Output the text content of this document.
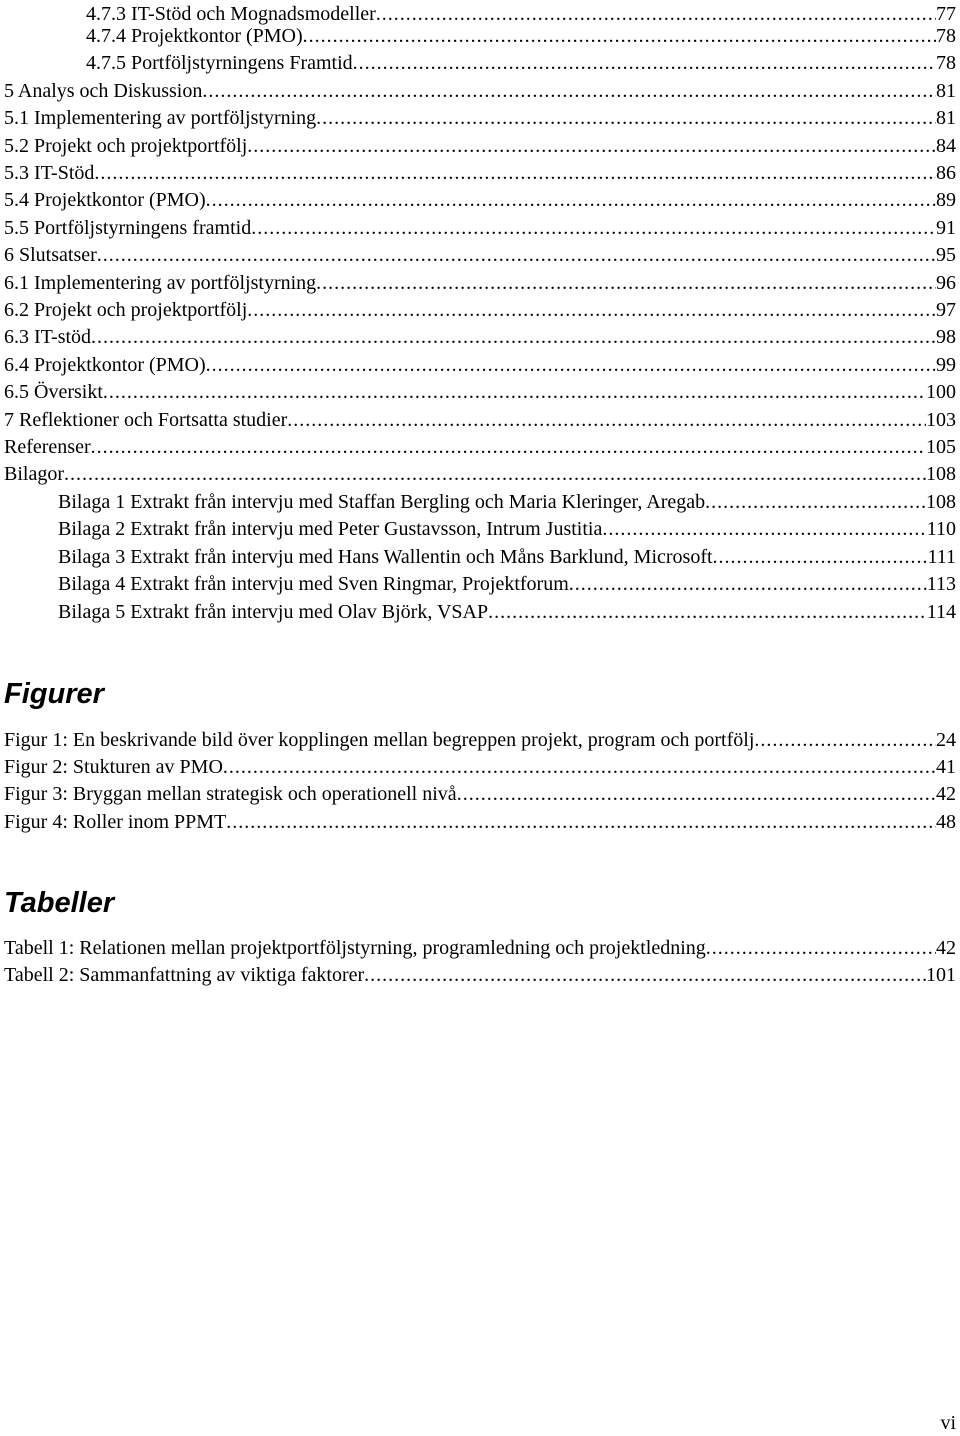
4.7.3 IT-Stöd och Mognadsmodeller .....	77
4.7.4 Projektkontor (PMO) .....	78
4.7.5 Portföljstyrningens Framtid .....	78
5 Analys och Diskussion .....	81
5.1 Implementering av portföljstyrning .....	81
5.2 Projekt och projektportfölj .....	84
5.3 IT-Stöd .....	86
5.4 Projektkontor (PMO) .....	89
5.5 Portföljstyrningens framtid .....	91
6 Slutsatser .....	95
6.1 Implementering av portföljstyrning .....	96
6.2 Projekt och projektportfölj .....	97
6.3 IT-stöd .....	98
6.4 Projektkontor (PMO) .....	99
6.5 Översikt .....	100
7 Reflektioner och Fortsatta studier .....	103
Referenser .....	105
Bilagor .....	108
Bilaga 1 Extrakt från intervju med Staffan Bergling och Maria Kleringer, Aregab .....	108
Bilaga 2 Extrakt från intervju med Peter Gustavsson, Intrum Justitia .....	110
Bilaga 3 Extrakt från intervju med Hans Wallentin och Måns Barklund, Microsoft .....	111
Bilaga 4 Extrakt från intervju med Sven Ringmar, Projektforum .....	113
Bilaga 5 Extrakt från intervju med Olav Björk, VSAP .....	114
Figurer
Figur 1: En beskrivande bild över kopplingen mellan begreppen projekt, program och portfölj .....	24
Figur 2: Stukturen av PMO .....	41
Figur 3: Bryggan mellan strategisk och operationell nivå .....	42
Figur 4: Roller inom PPMT .....	48
Tabeller
Tabell 1: Relationen mellan projektportföljstyrning, programledning och projektledning .....	42
Tabell 2: Sammanfattning av viktiga faktorer .....	101
vi
